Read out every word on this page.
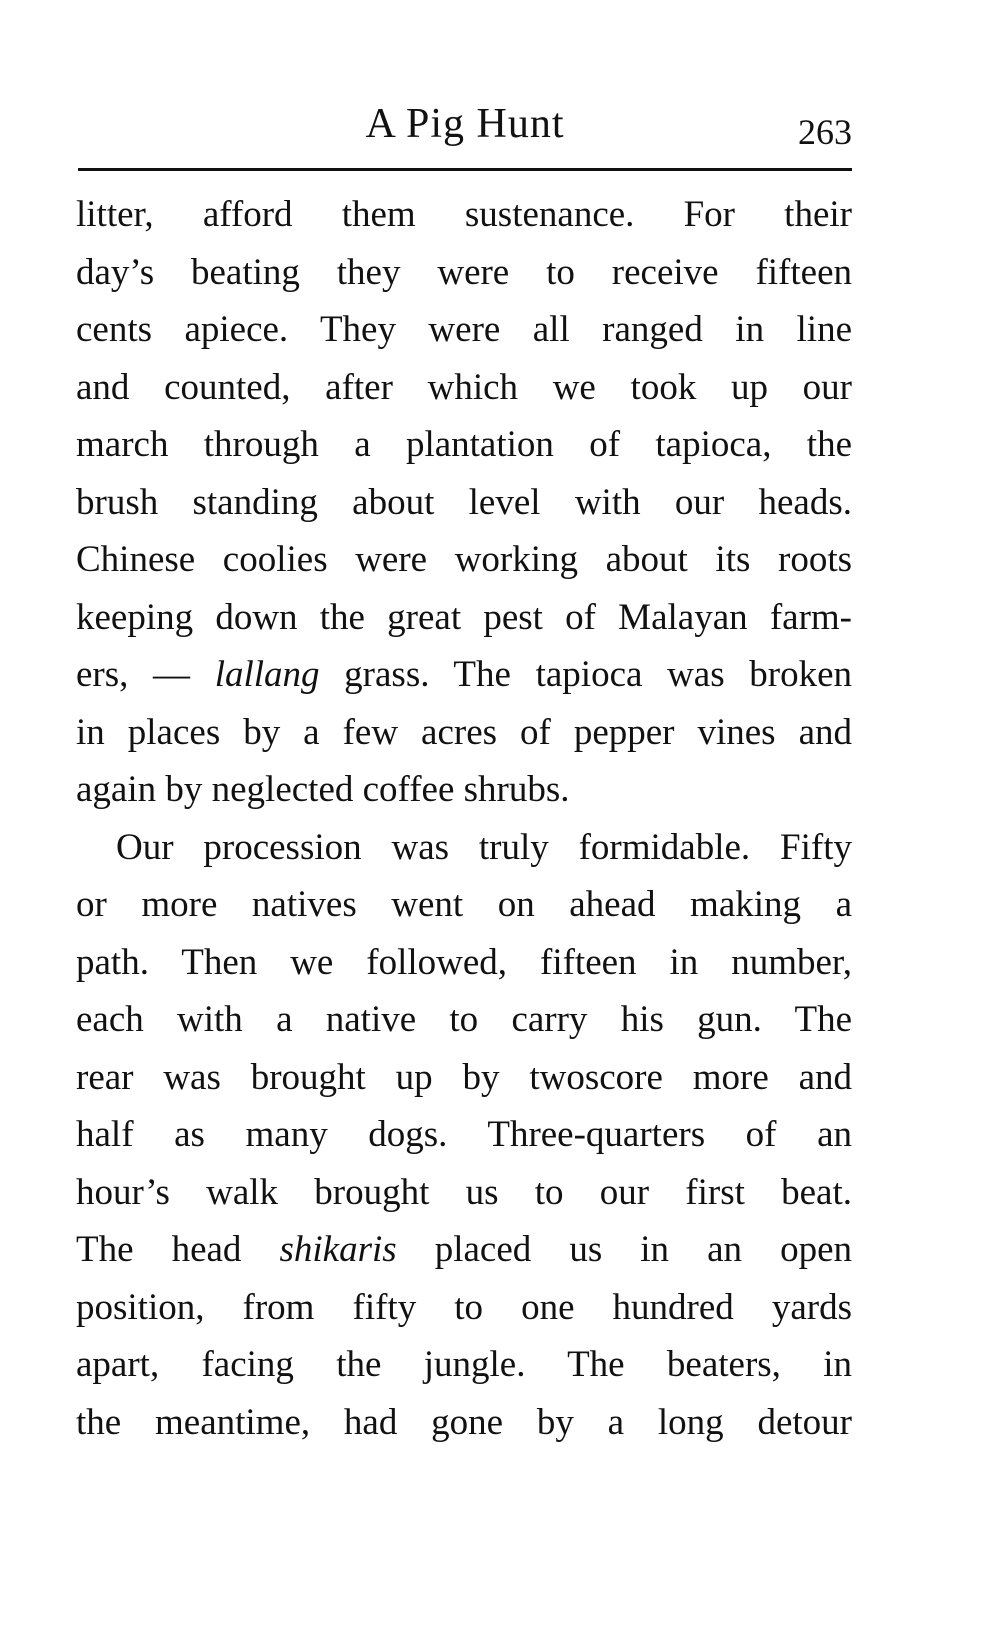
A Pig Hunt	263
litter, afford them sustenance. For their
day’s beating they were to receive fifteen
cents apiece. They were all ranged in line
and counted, after which we took up our
march through a plantation of tapioca, the
brush standing about level with our heads.
Chinese coolies were working about its roots
keeping down the great pest of Malayan farm-
ers, — lallang grass. The tapioca was broken
in places by a few acres of pepper vines and
again by neglected coffee shrubs.
Our procession was truly formidable. Fifty
or more natives went on ahead making a
path. Then we followed, fifteen in number,
each with a native to carry his gun. The
rear was brought up by twoscore more and
half as many dogs. Three-quarters of an
hour’s walk brought us to our first beat.
The head shikaris placed us in an open
position, from fifty to one hundred yards
apart, facing the jungle. The beaters, in
the meantime, had gone by a long detour
